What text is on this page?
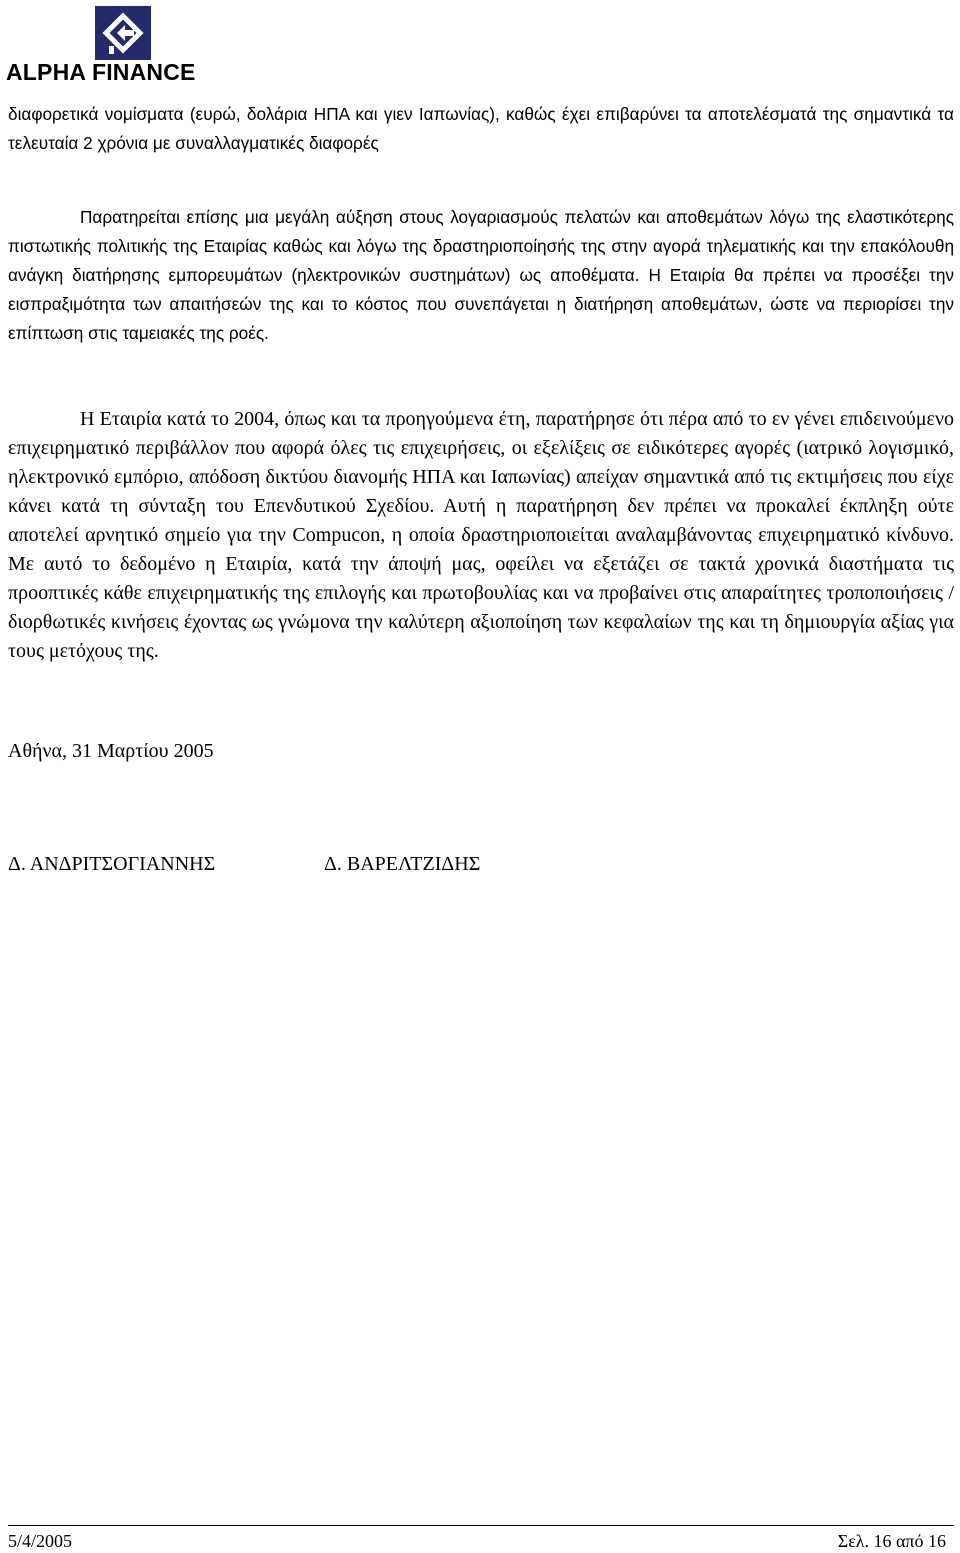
ALPHA FINANCE

διαφορετικά νομίσματα (ευρώ, δολάρια ΗΠΑ και γιεν Ιαπωνίας), καθώς έχει επιβαρύνει τα αποτελέσματά της σημαντικά τα τελευταία 2 χρόνια με συναλλαγματικές διαφορές

Παρατηρείται επίσης μια μεγάλη αύξηση στους λογαριασμούς πελατών και αποθεμάτων λόγω της ελαστικότερης πιστωτικής πολιτικής της Εταιρίας καθώς και λόγω της δραστηριοποίησής της στην αγορά τηλεματικής και την επακόλουθη ανάγκη διατήρησης εμπορευμάτων (ηλεκτρονικών συστημάτων) ως αποθέματα. Η Εταιρία θα πρέπει να προσέξει την εισπραξιμότητα των απαιτήσεών της και το κόστος που συνεπάγεται η διατήρηση αποθεμάτων, ώστε να περιορίσει την επίπτωση στις ταμειακές της ροές.

Η Εταιρία κατά το 2004, όπως και τα προηγούμενα έτη, παρατήρησε ότι πέρα από το εν γένει επιδεινούμενο επιχειρηματικό περιβάλλον που αφορά όλες τις επιχειρήσεις, οι εξελίξεις σε ειδικότερες αγορές (ιατρικό λογισμικό, ηλεκτρονικό εμπόριο, απόδοση δικτύου διανομής ΗΠΑ και Ιαπωνίας) απείχαν σημαντικά από τις εκτιμήσεις που είχε κάνει κατά τη σύνταξη του Επενδυτικού Σχεδίου. Αυτή η παρατήρηση δεν πρέπει να προκαλεί έκπληξη ούτε αποτελεί αρνητικό σημείο για την Compucon, η οποία δραστηριοποιείται αναλαμβάνοντας επιχειρηματικό κίνδυνο. Με αυτό το δεδομένο η Εταιρία, κατά την άποψή μας, οφείλει να εξετάζει σε τακτά χρονικά διαστήματα τις προοπτικές κάθε επιχειρηματικής της επιλογής και πρωτοβουλίας και να προβαίνει στις απαραίτητες τροποποιήσεις / διορθωτικές κινήσεις έχοντας ως γνώμονα την καλύτερη αξιοποίηση των κεφαλαίων της και τη δημιουργία αξίας για τους μετόχους της.

Αθήνα, 31 Μαρτίου 2005

Δ. ΑΝΔΡΙΤΣΟΓΙΑΝΝΗΣ	Δ. ΒΑΡΕΛΤΖΙΔΗΣ
5/4/2005	Σελ. 16 από 16
